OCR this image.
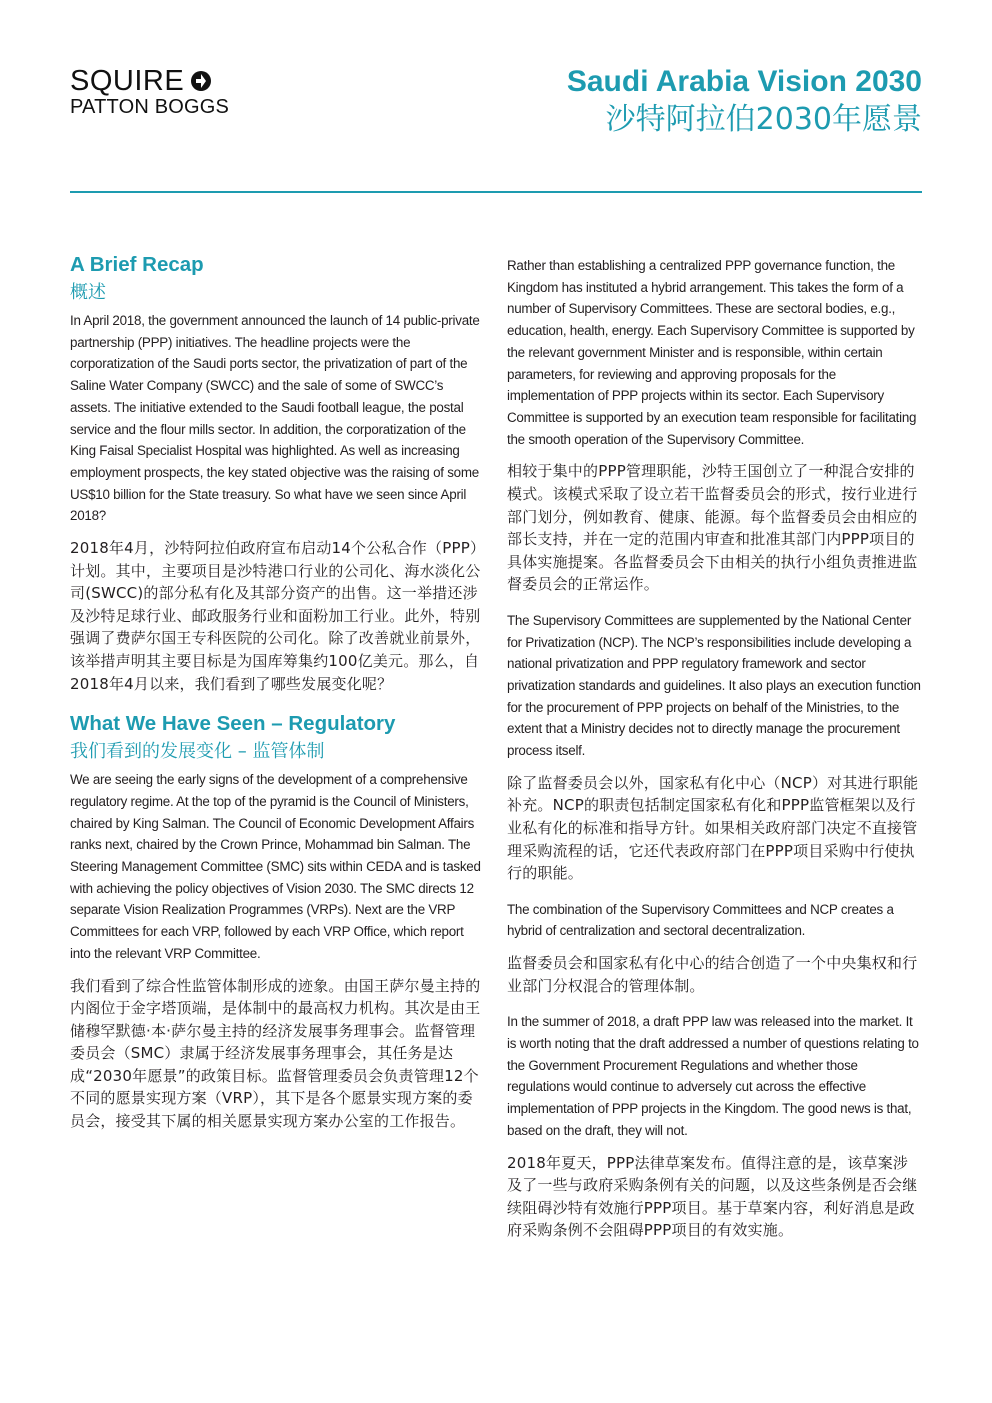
SQUIRE
PATTON BOGGS
Saudi Arabia Vision 2030
沙特阿拉伯2030年愿景
A Brief Recap
概述

In April 2018, the government announced the launch of 14 public-private partnership (PPP) initiatives. The headline projects were the corporatization of the Saudi ports sector, the privatization of part of the Saline Water Company (SWCC) and the sale of some of SWCC’s assets. The initiative extended to the Saudi football league, the postal service and the flour mills sector. In addition, the corporatization of the King Faisal Specialist Hospital was highlighted. As well as increasing employment prospects, the key stated objective was the raising of some US$10 billion for the State treasury. So what have we seen since April 2018?

2018年4月，沙特阿拉伯政府宣布启动14个公私合作（PPP）计划。其中，主要项目是沙特港口行业的公司化、海水淡化公司(SWCC)的部分私有化及其部分资产的出售。这一举措还涉及沙特足球行业、邮政服务行业和面粉加工行业。此外，特别强调了费萨尔国王专科医院的公司化。除了改善就业前景外，该举措声明其主要目标是为国库筹集约100亿美元。那么，自2018年4月以来，我们看到了哪些发展变化呢？

What We Have Seen – Regulatory
我们看到的发展变化 – 监管体制

We are seeing the early signs of the development of a comprehensive regulatory regime. At the top of the pyramid is the Council of Ministers, chaired by King Salman. The Council of Economic Development Affairs ranks next, chaired by the Crown Prince, Mohammad bin Salman. The Steering Management Committee (SMC) sits within CEDA and is tasked with achieving the policy objectives of Vision 2030. The SMC directs 12 separate Vision Realization Programmes (VRPs). Next are the VRP Committees for each VRP, followed by each VRP Office, which report into the relevant VRP Committee.

我们看到了综合性监管体制形成的迹象。由国王萨尔曼主持的内阁位于金字塔顶端，是体制中的最高权力机构。其次是由王储穆罕默德·本·萨尔曼主持的经济发展事务理事会。监督管理委员会（SMC）隶属于经济发展事务理事会，其任务是达成“2030年愿景”的政策目标。监督管理委员会负责管理12个不同的愿景实现方案（VRP），其下是各个愿景实现方案的委员会，接受其下属的相关愿景实现方案办公室的工作报告。

Rather than establishing a centralized PPP governance function, the Kingdom has instituted a hybrid arrangement. This takes the form of a number of Supervisory Committees. These are sectoral bodies, e.g., education, health, energy. Each Supervisory Committee is supported by the relevant government Minister and is responsible, within certain parameters, for reviewing and approving proposals for the implementation of PPP projects within its sector. Each Supervisory Committee is supported by an execution team responsible for facilitating the smooth operation of the Supervisory Committee.

相较于集中的PPP管理职能，沙特王国创立了一种混合安排的模式。该模式采取了设立若干监督委员会的形式，按行业进行部门划分，例如教育、健康、能源。每个监督委员会由相应的部长支持，并在一定的范围内审查和批准其部门内PPP项目的具体实施提案。各监督委员会下由相关的执行小组负责推进监督委员会的正常运作。

The Supervisory Committees are supplemented by the National Center for Privatization (NCP). The NCP’s responsibilities include developing a national privatization and PPP regulatory framework and sector privatization standards and guidelines. It also plays an execution function for the procurement of PPP projects on behalf of the Ministries, to the extent that a Ministry decides not to directly manage the procurement process itself.

除了监督委员会以外，国家私有化中心（NCP）对其进行职能补充。NCP的职责包括制定国家私有化和PPP监管框架以及行业私有化的标准和指导方针。如果相关政府部门决定不直接管理采购流程的话，它还代表政府部门在PPP项目采购中行使执行的职能。

The combination of the Supervisory Committees and NCP creates a hybrid of centralization and sectoral decentralization.

监督委员会和国家私有化中心的结合创造了一个中央集权和行业部门分权混合的管理体制。

In the summer of 2018, a draft PPP law was released into the market. It is worth noting that the draft addressed a number of questions relating to the Government Procurement Regulations and whether those regulations would continue to adversely cut across the effective implementation of PPP projects in the Kingdom. The good news is that, based on the draft, they will not.

2018年夏天，PPP法律草案发布。值得注意的是，该草案涉及了一些与政府采购条例有关的问题，以及这些条例是否会继续阻碍沙特有效施行PPP项目。基于草案内容，利好消息是政府采购条例不会阻碍PPP项目的有效实施。
